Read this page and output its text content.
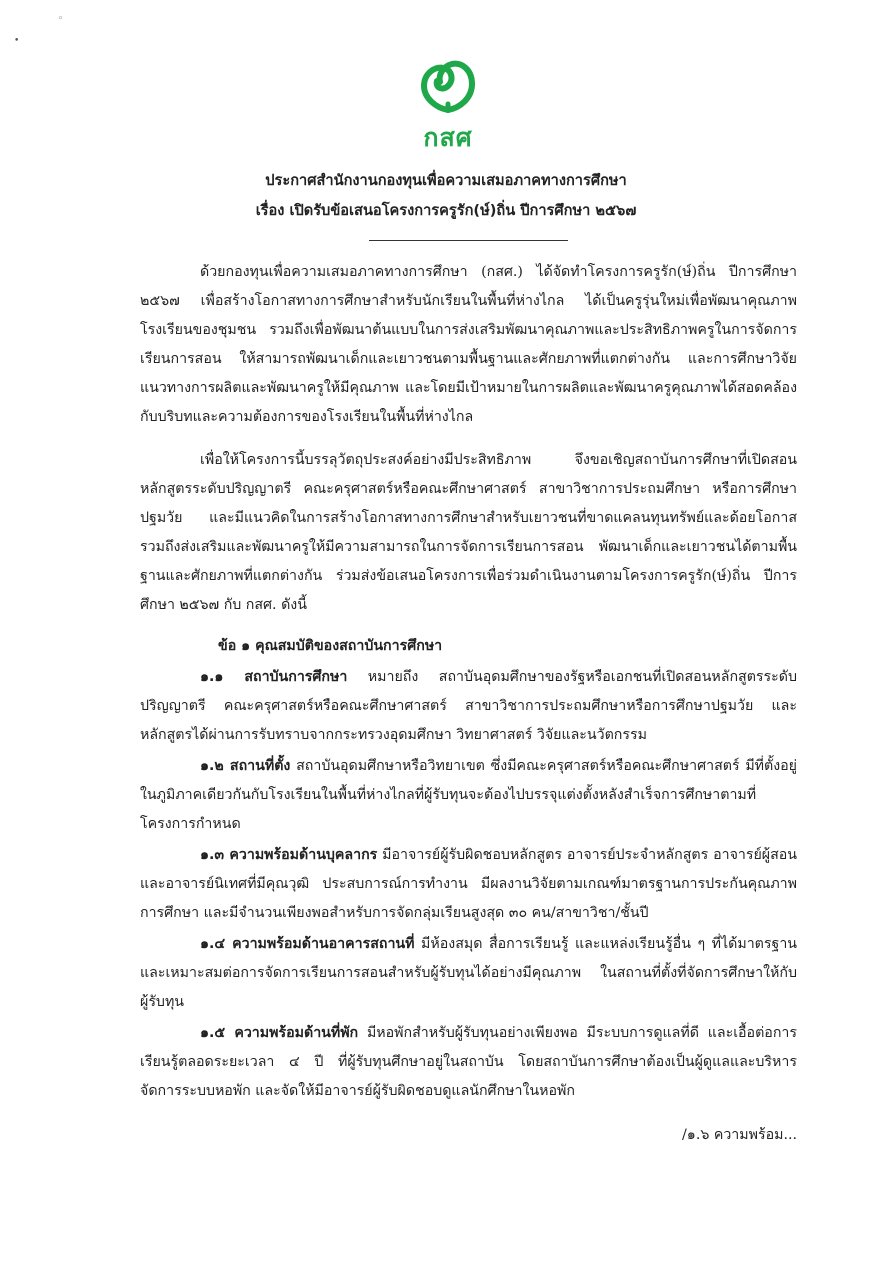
◦
•
กสศ
ประกาศสำนักงานกองทุนเพื่อความเสมอภาคทางการศึกษา
เรื่อง เปิดรับข้อเสนอโครงการครูรัก(ษ์)ถิ่น ปีการศึกษา ๒๕๖๗

ด้วยกองทุนเพื่อความเสมอภาคทางการศึกษา (กสศ.) ได้จัดทำโครงการครูรัก(ษ์)ถิ่น ปีการศึกษา ๒๕๖๗ เพื่อสร้างโอกาสทางการศึกษาสำหรับนักเรียนในพื้นที่ห่างไกล ได้เป็นครูรุ่นใหม่เพื่อพัฒนาคุณภาพโรงเรียนของชุมชน รวมถึงเพื่อพัฒนาต้นแบบในการส่งเสริมพัฒนาคุณภาพและประสิทธิภาพครูในการจัดการเรียนการสอน ให้สามารถพัฒนาเด็กและเยาวชนตามพื้นฐานและศักยภาพที่แตกต่างกัน และการศึกษาวิจัยแนวทางการผลิตและพัฒนาครูให้มีคุณภาพ และโดยมีเป้าหมายในการผลิตและพัฒนาครูคุณภาพได้สอดคล้องกับบริบทและความต้องการของโรงเรียนในพื้นที่ห่างไกล

เพื่อให้โครงการนี้บรรลุวัตถุประสงค์อย่างมีประสิทธิภาพ จึงขอเชิญสถาบันการศึกษาที่เปิดสอนหลักสูตรระดับปริญญาตรี คณะครุศาสตร์หรือคณะศึกษาศาสตร์ สาขาวิชาการประถมศึกษา หรือการศึกษาปฐมวัย และมีแนวคิดในการสร้างโอกาสทางการศึกษาสำหรับเยาวชนที่ขาดแคลนทุนทรัพย์และด้อยโอกาส รวมถึงส่งเสริมและพัฒนาครูให้มีความสามารถในการจัดการเรียนการสอน พัฒนาเด็กและเยาวชนได้ตามพื้นฐานและศักยภาพที่แตกต่างกัน ร่วมส่งข้อเสนอโครงการเพื่อร่วมดำเนินงานตามโครงการครูรัก(ษ์)ถิ่น ปีการศึกษา ๒๕๖๗ กับ กสศ. ดังนี้

ข้อ ๑ คุณสมบัติของสถาบันการศึกษา

๑.๑ สถาบันการศึกษา หมายถึง สถาบันอุดมศึกษาของรัฐหรือเอกชนที่เปิดสอนหลักสูตรระดับปริญญาตรี คณะครุศาสตร์หรือคณะศึกษาศาสตร์ สาขาวิชาการประถมศึกษาหรือการศึกษาปฐมวัย และหลักสูตรได้ผ่านการรับทราบจากกระทรวงอุดมศึกษา วิทยาศาสตร์ วิจัยและนวัตกรรม

๑.๒ สถานที่ตั้ง สถาบันอุดมศึกษาหรือวิทยาเขต ซึ่งมีคณะครุศาสตร์หรือคณะศึกษาศาสตร์ มีที่ตั้งอยู่ในภูมิภาคเดียวกันกับโรงเรียนในพื้นที่ห่างไกลที่ผู้รับทุนจะต้องไปบรรจุแต่งตั้งหลังสำเร็จการศึกษาตามที่โครงการกำหนด

๑.๓ ความพร้อมด้านบุคลากร มีอาจารย์ผู้รับผิดชอบหลักสูตร อาจารย์ประจำหลักสูตร อาจารย์ผู้สอน และอาจารย์นิเทศที่มีคุณวุฒิ ประสบการณ์การทำงาน มีผลงานวิจัยตามเกณฑ์มาตรฐานการประกันคุณภาพการศึกษา และมีจำนวนเพียงพอสำหรับการจัดกลุ่มเรียนสูงสุด ๓๐ คน/สาขาวิชา/ชั้นปี

๑.๔ ความพร้อมด้านอาคารสถานที่ มีห้องสมุด สื่อการเรียนรู้ และแหล่งเรียนรู้อื่น ๆ ที่ได้มาตรฐานและเหมาะสมต่อการจัดการเรียนการสอนสำหรับผู้รับทุนได้อย่างมีคุณภาพ ในสถานที่ตั้งที่จัดการศึกษาให้กับผู้รับทุน

๑.๕ ความพร้อมด้านที่พัก มีหอพักสำหรับผู้รับทุนอย่างเพียงพอ มีระบบการดูแลที่ดี และเอื้อต่อการเรียนรู้ตลอดระยะเวลา ๔ ปี ที่ผู้รับทุนศึกษาอยู่ในสถาบัน โดยสถาบันการศึกษาต้องเป็นผู้ดูแลและบริหารจัดการระบบหอพัก และจัดให้มีอาจารย์ผู้รับผิดชอบดูแลนักศึกษาในหอพัก

/๑.๖ ความพร้อม...
